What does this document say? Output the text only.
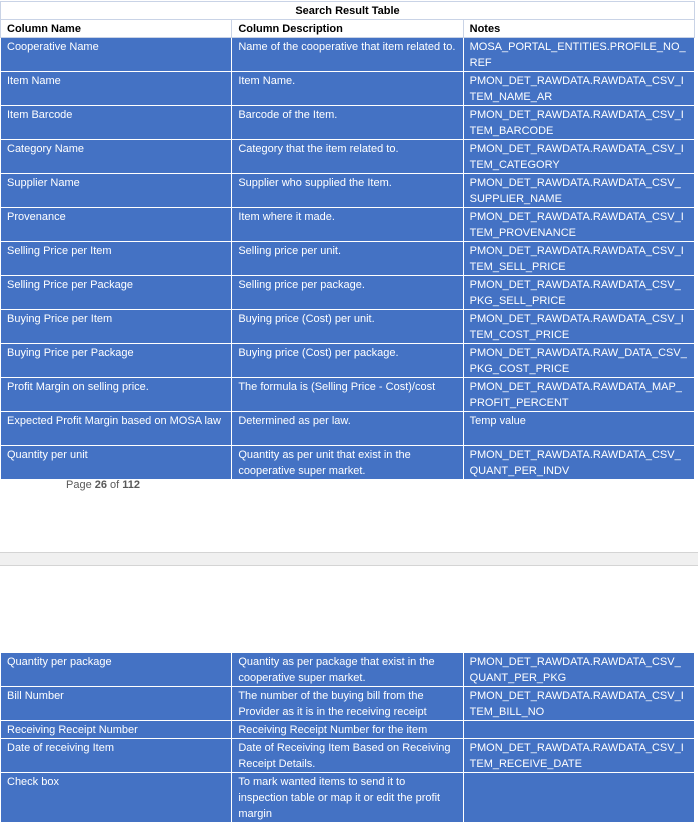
Search Result Table		
Column Name	Column Description	Notes
Cooperative Name	Name of the cooperative that item related to.	MOSA_PORTAL_ENTITIES.PROFILE_NO_REF
Item Name	Item Name.	PMON_DET_RAWDATA.RAWDATA_CSV_ITEM_NAME_AR
Item Barcode	Barcode of the Item.	PMON_DET_RAWDATA.RAWDATA_CSV_ITEM_BARCODE
Category Name	Category that the item related to.	PMON_DET_RAWDATA.RAWDATA_CSV_ITEM_CATEGORY
Supplier Name	Supplier who supplied the Item.	PMON_DET_RAWDATA.RAWDATA_CSV_SUPPLIER_NAME
Provenance	Item where it made.	PMON_DET_RAWDATA.RAWDATA_CSV_ITEM_PROVENANCE
Selling Price per Item	Selling price per unit.	PMON_DET_RAWDATA.RAWDATA_CSV_ITEM_SELL_PRICE
Selling Price per Package	Selling price per package.	PMON_DET_RAWDATA.RAWDATA_CSV_PKG_SELL_PRICE
Buying Price per Item	Buying price (Cost) per unit.	PMON_DET_RAWDATA.RAWDATA_CSV_ITEM_COST_PRICE
Buying Price per Package	Buying price (Cost) per package.	PMON_DET_RAWDATA.RAW_DATA_CSV_PKG_COST_PRICE
Profit Margin on selling price.	The formula is (Selling Price - Cost)/cost	PMON_DET_RAWDATA.RAWDATA_MAP_PROFIT_PERCENT
Expected Profit Margin based on MOSA law	Determined as per law.	Temp value
Quantity per unit	Quantity as per unit that exist in the cooperative super market.	PMON_DET_RAWDATA.RAWDATA_CSV_QUANT_PER_INDV
Page 26 of 112
Quantity per package	Quantity as per package that exist in the cooperative super market.	PMON_DET_RAWDATA.RAWDATA_CSV_QUANT_PER_PKG
Bill Number	The number of the buying bill from the Provider as it is in the receiving receipt	PMON_DET_RAWDATA.RAWDATA_CSV_ITEM_BILL_NO
Receiving Receipt Number	Receiving Receipt Number for the item	
Date of receiving Item	Date of Receiving Item Based on Receiving Receipt Details.	PMON_DET_RAWDATA.RAWDATA_CSV_ITEM_RECEIVE_DATE
Check box	To mark wanted items to send it to inspection table or map it or edit the profit margin	
